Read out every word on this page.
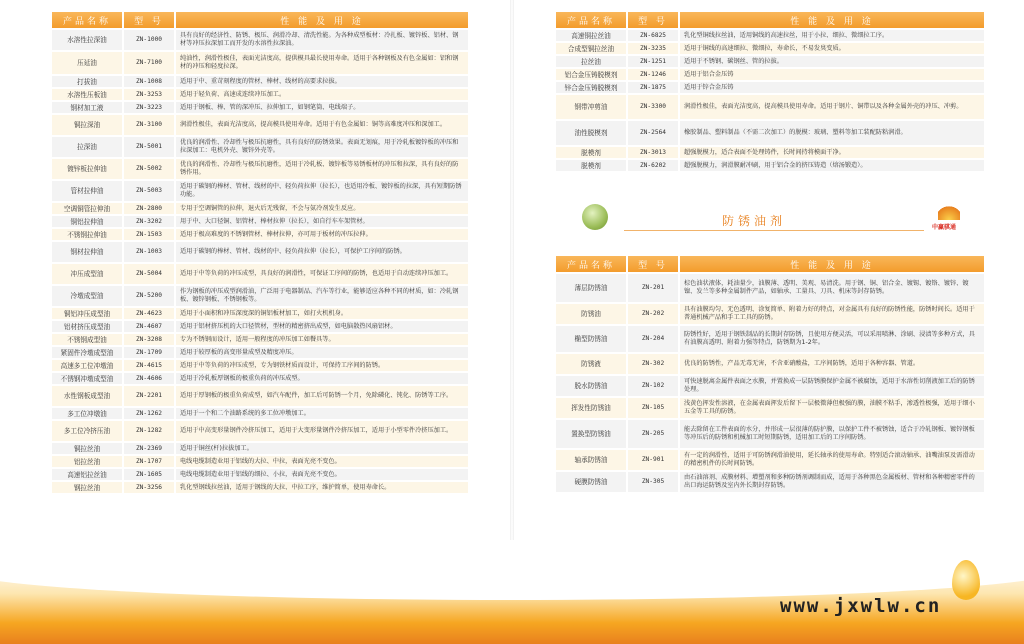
产品名称	型 号	性 能 及 用 途
水溶性拉深油	ZN-1000	具有良好的经济性、防锈、极压、润滑冷却、清洗性能。为各种成型板材：冷扎板、镀锌板、铝材、钢材等冲压拉深加工而开发的水溶性拉深油。
压延油	ZN-7100	纯油性，润滑性极佳，表面光洁度高，提供模具最长使用寿命。适用于各种钢板及有色金属如：铝和钢材的冲压和轻度拉深。
打拔油	ZN-1008	适用于中、重苛刻程度的管材、棒材、线材的高要求拉拔。
水溶性压板油	ZN-3253	适用于轻负荷、高速成连续冲压加工。
钢材加工液	ZN-3223	适用于钢板、棒、管的深冲压、拉伸加工，如钢笔筒、电线端子。
铜拉深油	ZN-3100	润滑性极佳，表面光洁度高，提高模具使用寿命。适用于有色金属如：铜等高难度冲压和深加工。
拉深油	ZN-5001	优良的润滑性、冷却性与极压抗磨性，具有良好的防锈效果。表面无划痕，用于冷轧板镀锌板的冲压和拉深加工：电机外壳、镀锌外壳等。
镀锌板拉伸油	ZN-5002	优良的润滑性、冷却性与极压抗磨性，适用于冷轧板、镀锌板等易锈板材的冲压和拉深，具有良好的防锈作用。
管材拉伸油	ZN-5003	适用于碳钢的棒材、管材、线材的中、轻负荷拉伸（拉长），也适用冷板、镀锌板的拉深，具有短期防锈功能。
空调铜管拉伸油	ZN-2800	专用于空调铜管的拉伸，退火后无残留，不会与氨冷剂发生反应。
铜铝拉伸油	ZN-3202	用于中、大口径铜、铝管材、棒材拉伸（拉长），如自行车车架管材。
不锈钢拉伸油	ZN-1503	适用于极高难度的不锈钢管材、棒材拉伸，亦可用于板材的冲压拉伸。
钢材拉伸油	ZN-1003	适用于碳钢的棒材、管材、线材的中、轻负荷拉伸（拉长），可保护工序间的防锈。
冲压成型油	ZN-5004	适用于中等负荷的冲压成型，具良好的润滑性，可保证工序间的防锈，也适用于自动连续冲压加工。
冷墩成型油	ZN-5200	作为钢板的冲压成型润滑油，广泛用于电器制品、汽车等行业，能够适应各种不同的材质，如：冷轧钢板、镀锌钢板、不锈钢板等。
铜铝冲压成型油	ZN-4623	适用于小面积和冲压深度深的铜铝板材加工，如打火机机身。
铝材挤压成型油	ZN-4607	适用于铝材挤压机的大口径管材，型材的精密挤出成型，如电脑散热风扇铝材。
不锈钢成型油	ZN-3208	专为不锈钢而设计，适用一般程度的冲压加工如餐具等。
紧固件冷墩成型油	ZN-1709	适用于较厚板的高变形量成型及精度冲压。
高速多工位冲墩油	ZN-4615	适用于中等负荷的冲压成型，专为钢铁材质而设计，可保持工序间的防锈。
不锈钢冲墩成型油	ZN-4606	适用于冷轧板厚钢板的极重负荷的冲压成型。
水性钢板成型油	ZN-2201	适用于厚钢板的极重负荷成型，如汽车配件，加工后可防锈一个月，免除磷化、钝化、防锈等工序。
多工位冲墩油	ZN-1262	适用于一个和二个油路系统的多工位冲墩加工。
多工位冷挤压油	ZN-1282	适用于中高变形量钢件冷挤压加工，适用于大变形量钢件冷挤压加工，适用于小型零件冷挤压加工。
铜拉丝油	ZN-2369	适用于铜丝(杆)拉拔加工。
铝拉丝油	ZN-1707	电线电缆制造业用于铝线的大拉、中拉，表面光亮不变色。
高速铝拉丝油	ZN-1605	电线电缆制造业用于铝线的细拉、小拉，表面光亮不变色。
钢拉丝油	ZN-3256	乳化型钢线拉丝油，适用于钢线的大拉、中拉工序，维护简单，使用寿命长。
产品名称	型 号	性 能 及 用 途
高速铜拉丝油	ZN-6825	乳化型铜线拉丝油，适用铜线的高速拉丝，用于小拉、细拉、微细拉工序。
合成型铜拉丝油	ZN-3235	适用于铜线的高速细拉、微细拉，寿命长，不易发臭变质。
拉丝油	ZN-1251	适用于不锈钢、碳钢丝、管的拉拔。
铝合金压铸脱模剂	ZN-1246	适用于铝合金压铸
锌合金压铸脱模剂	ZN-1875	适用于锌合金压铸
钢带冲剪油	ZN-3300	润滑性极佳，表面光洁度高，提高模具使用寿命。适用于钢片、铜带以及各种金属外壳的冲压、冲剪。
油性脱模剂	ZN-2564	橡胶制品、塑料制品（不需二次加工）的脱模：玻璃、塑料等加工装配防粘润滑。
脱模剂	ZN-3013	超强脱模力，适合表面不处理铸件，长时间持将模面干净。
脱模剂	ZN-6202	超强脱模力，润滑膜耐冲刷，用于铝合金的挤压铸造（熔汤锻造）。
防锈油剂	中赢骐通
产品名称	型 号	性 能 及 用 途
薄层防锈油	ZN-201	棕色油状液体，耗油量少，油膜薄、透明、美观、易清洗。用于钢、铜、铝合金、镀锡、镀铬、镀锌、镀镍、发兰等多种金属制件产品，如轴承、工量具、刀具、机床等封存防锈。
防锈油	ZN-202	具有油膜均匀、无色透明、涂复简单、附着力好的特点，对金属具有良好的防锈性能，防锈时间长。适用于普通机械产品和手工工具的防锈。
椭型防锈油	ZN-204	防锈性好，适用于钢铁制品的长期封存防锈，且使用方便灵活，可以采用喷淋、涂刷、浸渍等多种方式，具有油膜高透明、附着力强等特点，防锈期为1-2年。
防锈液	ZN-302	优良的防锈性，产品无毒无害，不含亚硝酸盐，工序间防锈，适用于各种容器、管道。
脱水防锈油	ZN-102	可快速脱离金属件表面之水膜，并置换成一层防锈膜保护金属不被腐蚀，适用于水溶性切削液加工后的防锈处理。
挥发性防锈油	ZN-105	浅黄色挥发性溶液，在金属表面挥发后留下一层极微薄但极强的膜，油膜不粘手，渗透性极强，适用于细小五金等工具的防锈。
置换型防锈油	ZN-205	能去除留在工件表面的水分，并形成一层很薄的防护膜，以保护工件不被锈蚀，适合于冷轧钢板、镀锌钢板等冲压后的防锈和机械加工时短期防锈，适用加工后的工序间防锈。
轴承防锈油	ZN-901	有一定的润滑性，适用于可防锈润滑油使用，延长轴承的使用寿命。特别适合滚动轴承、油嘴油泵及需滑动的精密机件的长时间防锈。
硬膜防锈油	ZN-305	由石油溶剂、成膜材料、增塑剂和多种防锈剂调制而成，适用于各种黑色金属板材、管材和各种精密零件的出口海运防锈及室内外长期封存防锈。
www.jxwlw.cn
